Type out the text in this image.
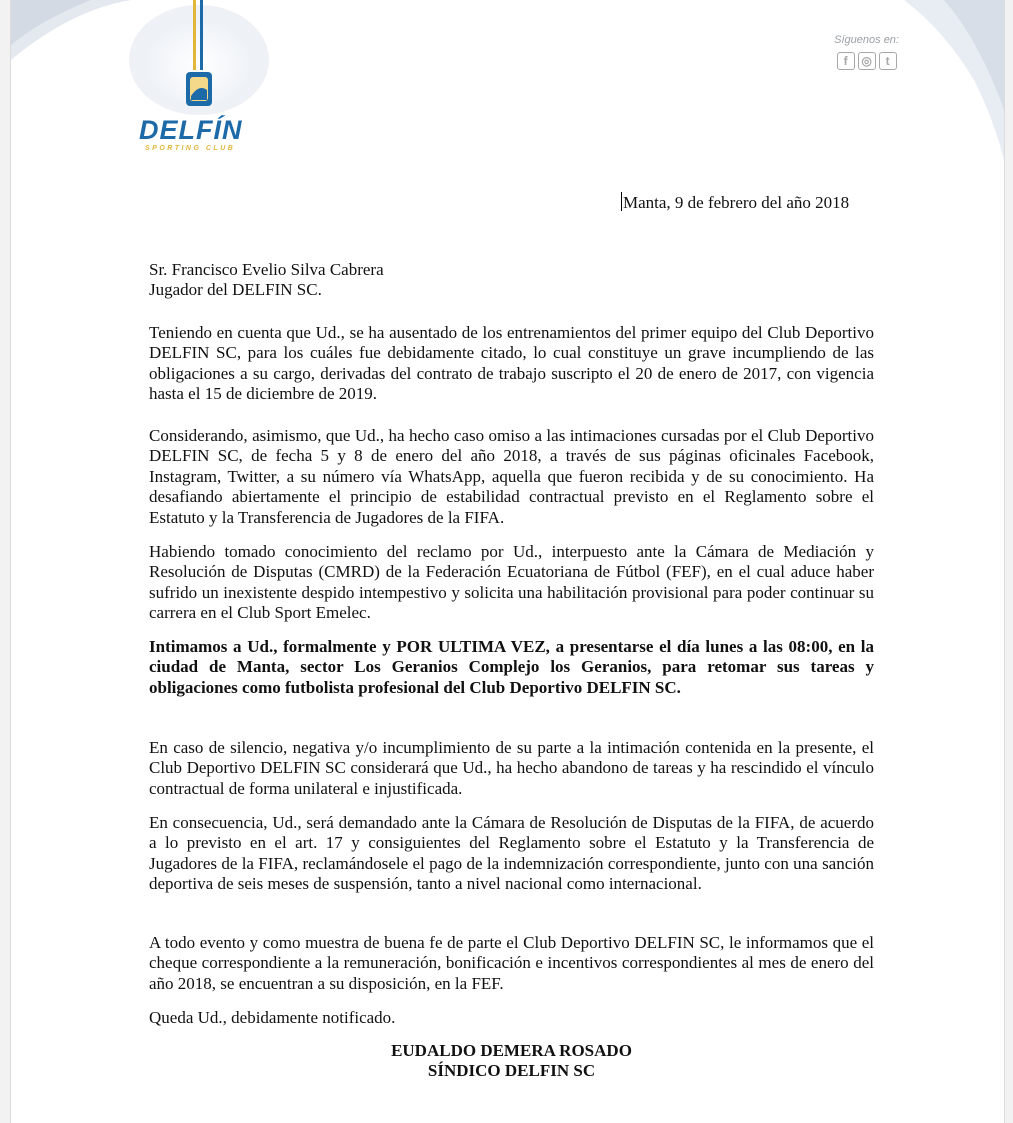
DELFÍN
SPORTING CLUB
Síguenos en:
f	◎	t
Manta, 9 de febrero del año 2018
Sr. Francisco Evelio Silva Cabrera
Jugador del DELFIN SC.
Teniendo en cuenta que Ud., se ha ausentado de los entrenamientos del primer equipo del Club Deportivo DELFIN SC, para los cuáles fue debidamente citado, lo cual constituye un grave incumpliendo de las obligaciones a su cargo, derivadas del contrato de trabajo suscripto el 20 de enero de 2017, con vigencia hasta el 15 de diciembre de 2019.
Considerando, asimismo, que Ud., ha hecho caso omiso a las intimaciones cursadas por el Club Deportivo DELFIN SC, de fecha 5 y 8 de enero del año 2018, a través de sus páginas oficinales Facebook, Instagram, Twitter, a su número vía WhatsApp, aquella que fueron recibida y de su conocimiento. Ha desafiando abiertamente el principio de estabilidad contractual previsto en el Reglamento sobre el Estatuto y la Transferencia de Jugadores de la FIFA.
Habiendo tomado conocimiento del reclamo por Ud., interpuesto ante la Cámara de Mediación y Resolución de Disputas (CMRD) de la Federación Ecuatoriana de Fútbol (FEF), en el cual aduce haber sufrido un inexistente despido intempestivo y solicita una habilitación provisional para poder continuar su carrera en el Club Sport Emelec.
Intimamos a Ud., formalmente y POR ULTIMA VEZ, a presentarse el día lunes a las 08:00, en la ciudad de Manta, sector Los Geranios Complejo los Geranios, para retomar sus tareas y obligaciones como futbolista profesional del Club Deportivo DELFIN SC.
En caso de silencio, negativa y/o incumplimiento de su parte a la intimación contenida en la presente, el Club Deportivo DELFIN SC considerará que Ud., ha hecho abandono de tareas y ha rescindido el vínculo contractual de forma unilateral e injustificada.
En consecuencia, Ud., será demandado ante la Cámara de Resolución de Disputas de la FIFA, de acuerdo a lo previsto en el art. 17 y consiguientes del Reglamento sobre el Estatuto y la Transferencia de Jugadores de la FIFA, reclamándosele el pago de la indemnización correspondiente, junto con una sanción deportiva de seis meses de suspensión, tanto a nivel nacional como internacional.
A todo evento y como muestra de buena fe de parte el Club Deportivo DELFIN SC, le informamos que el cheque correspondiente a la remuneración, bonificación e incentivos correspondientes al mes de enero del año 2018, se encuentran a su disposición, en la FEF.
Queda Ud., debidamente notificado.
EUDALDO DEMERA ROSADO
SÍNDICO DELFIN SC
